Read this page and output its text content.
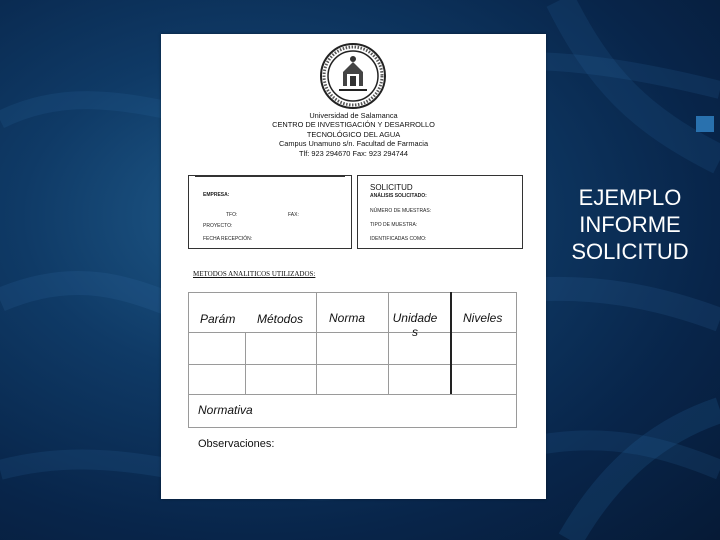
EJEMPLO
INFORME
SOLICITUD
Universidad de Salamanca
CENTRO DE INVESTIGACIÓN Y DESARROLLO
TECNOLÓGICO DEL AGUA
Campus Unamuno s/n. Facultad de Farmacia
Tlf: 923 294670 Fax: 923 294744
EMPRESA:
TFO:	FAX:
PROYECTO:
FECHA RECEPCIÓN:
SOLICITUD
ANÁLISIS SOLICITADO:
NÚMERO DE MUESTRAS:
TIPO DE MUESTRA:
IDENTIFICADAS COMO:
METODOS ANALITICOS UTILIZADOS:
Parám Métodos Norma Unidade s
Niveles
Normativa
Observaciones:
